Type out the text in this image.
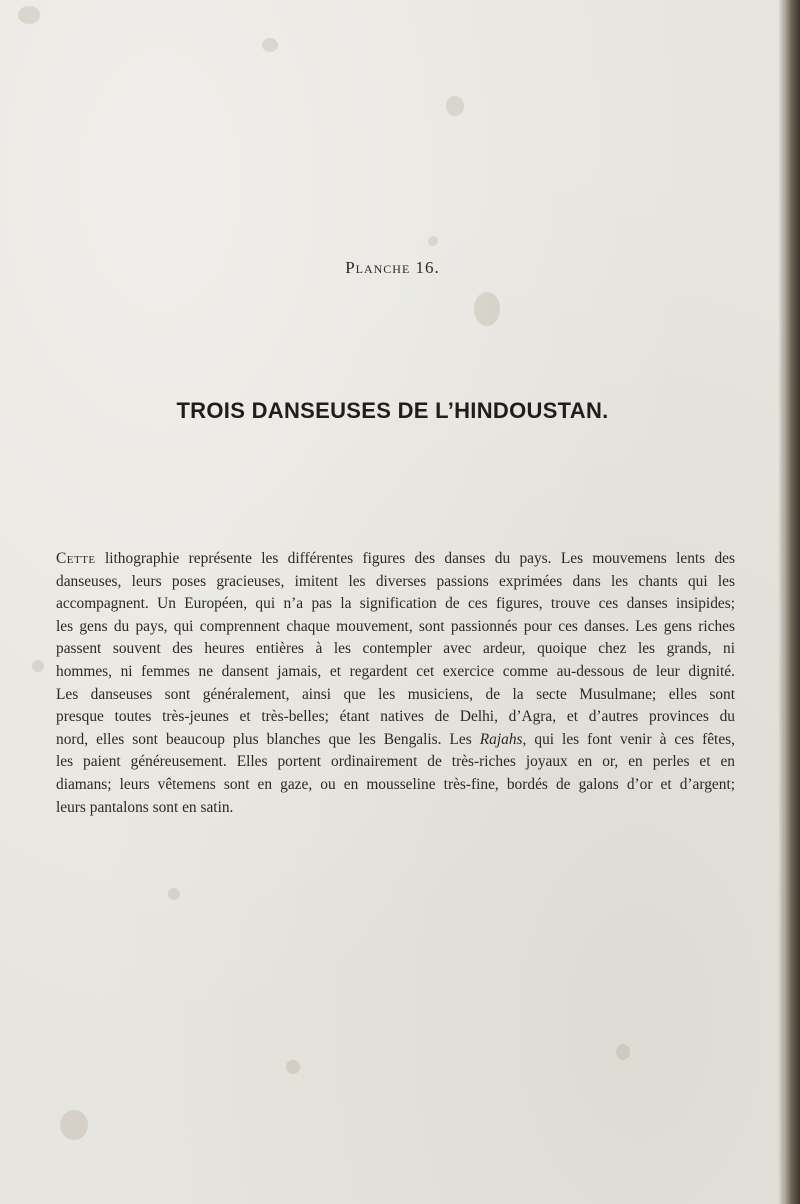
Planche 16.
TROIS DANSEUSES DE L’HINDOUSTAN.
Cette lithographie représente les différentes figures des danses du pays. Les mouvemens lents des
danseuses, leurs poses gracieuses, imitent les diverses passions exprimées dans les chants qui les
accompagnent. Un Européen, qui n’a pas la signification de ces figures, trouve ces danses insipides;
les gens du pays, qui comprennent chaque mouvement, sont passionnés pour ces danses. Les gens riches
passent souvent des heures entières à les contempler avec ardeur, quoique chez les grands, ni
hommes, ni femmes ne dansent jamais, et regardent cet exercice comme au-dessous de leur dignité.
Les danseuses sont généralement, ainsi que les musiciens, de la secte Musulmane; elles sont
presque toutes très-jeunes et très-belles; étant natives de Delhi, d’Agra, et d’autres provinces du
nord, elles sont beaucoup plus blanches que les Bengalis. Les Rajahs, qui les font venir à ces fêtes,
les paient généreusement. Elles portent ordinairement de très-riches joyaux en or, en perles et en
diamans; leurs vêtemens sont en gaze, ou en mousseline très-fine, bordés de galons d’or et d’argent;
leurs pantalons sont en satin.
